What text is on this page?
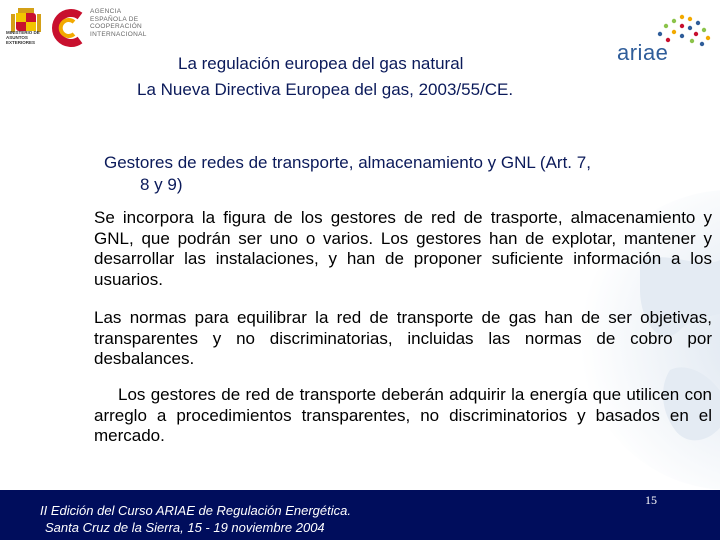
MINISTERIO DE ASUNTOS EXTERIORES
AGENCIA
ESPAÑOLA DE
COOPERACIÓN
INTERNACIONAL
ariae
La regulación europea del gas natural
La Nueva Directiva Europea del gas, 2003/55/CE.
Gestores de redes de transporte, almacenamiento y GNL (Art. 7,
8 y 9)
Se incorpora la figura de los gestores de red de trasporte, almacenamiento y GNL, que podrán ser uno o varios. Los gestores han de explotar, mantener y desarrollar las instalaciones, y han de proponer suficiente información a los usuarios.
Las normas para equilibrar la red de transporte de gas han de ser objetivas, transparentes y no discriminatorias, incluidas las normas de cobro por desbalances.
Los gestores de red de transporte deberán adquirir la energía que utilicen con arreglo a procedimientos transparentes, no discriminatorios y basados en el mercado.
II Edición del Curso ARIAE de Regulación Energética.
Santa Cruz de la Sierra, 15 - 19 noviembre 2004
15
